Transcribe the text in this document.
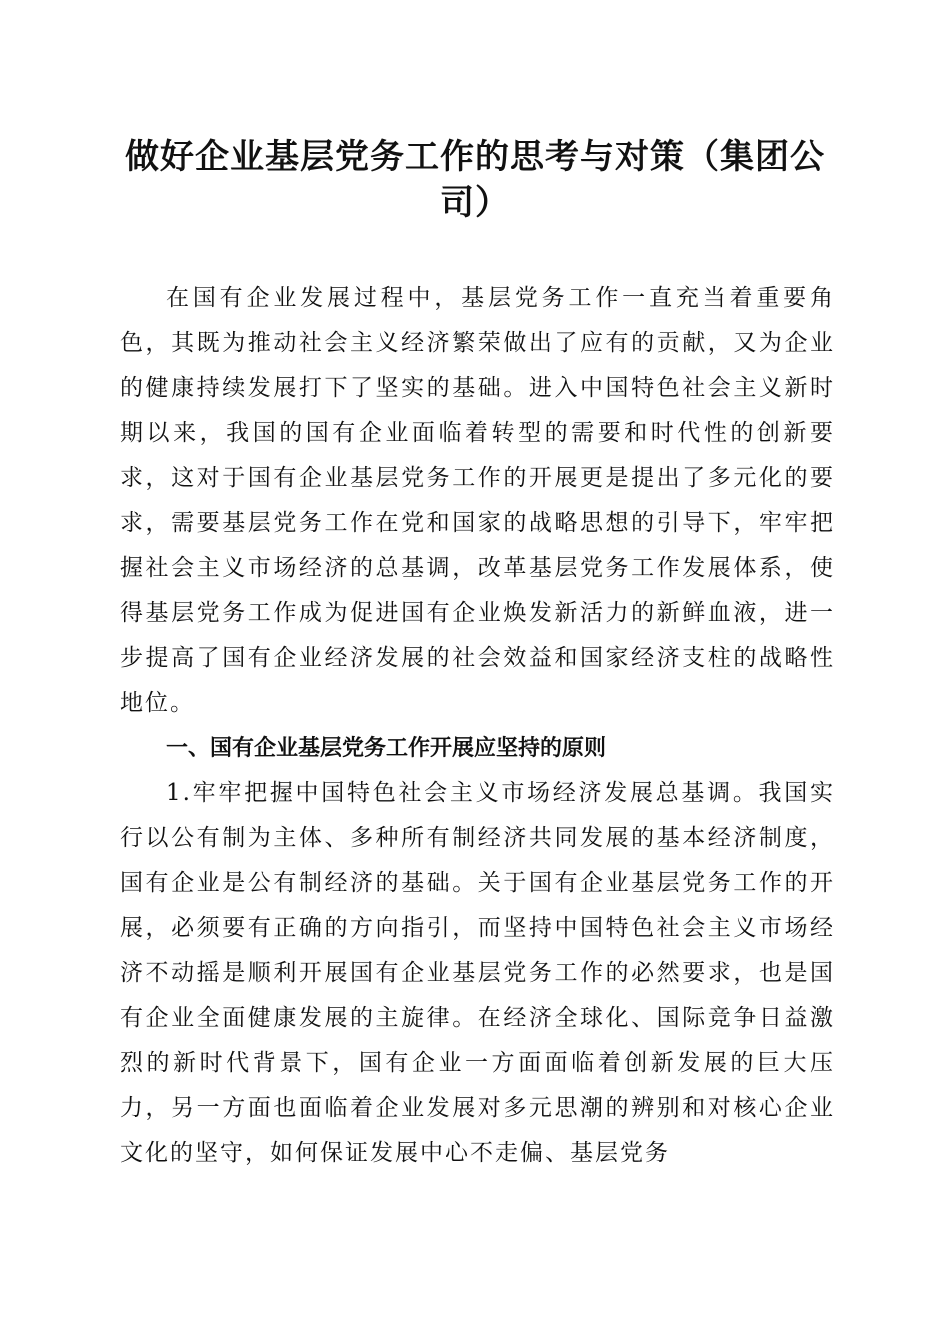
做好企业基层党务工作的思考与对策（集团公司）

在国有企业发展过程中，基层党务工作一直充当着重要角色，其既为推动社会主义经济繁荣做出了应有的贡献，又为企业的健康持续发展打下了坚实的基础。进入中国特色社会主义新时期以来，我国的国有企业面临着转型的需要和时代性的创新要求，这对于国有企业基层党务工作的开展更是提出了多元化的要求，需要基层党务工作在党和国家的战略思想的引导下，牢牢把握社会主义市场经济的总基调，改革基层党务工作发展体系，使得基层党务工作成为促进国有企业焕发新活力的新鲜血液，进一步提高了国有企业经济发展的社会效益和国家经济支柱的战略性地位。

一、国有企业基层党务工作开展应坚持的原则

1.牢牢把握中国特色社会主义市场经济发展总基调。我国实行以公有制为主体、多种所有制经济共同发展的基本经济制度，国有企业是公有制经济的基础。关于国有企业基层党务工作的开展，必须要有正确的方向指引，而坚持中国特色社会主义市场经济不动摇是顺利开展国有企业基层党务工作的必然要求，也是国有企业全面健康发展的主旋律。在经济全球化、国际竞争日益激烈的新时代背景下，国有企业一方面面临着创新发展的巨大压力，另一方面也面临着企业发展对多元思潮的辨别和对核心企业文化的坚守，如何保证发展中心不走偏、基层党务
